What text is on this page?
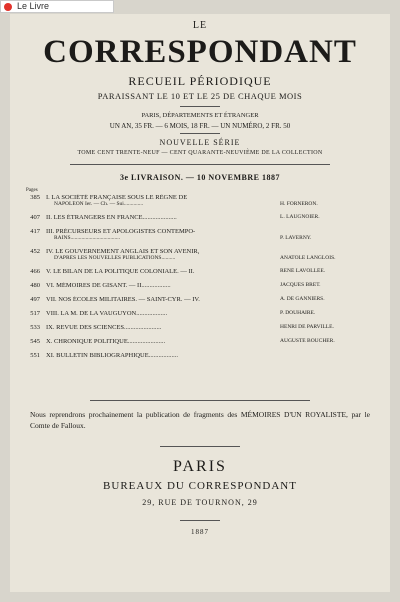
Le Livre
LE
CORRESPONDANT
RECUEIL PÉRIODIQUE
PARAISSANT LE 10 ET LE 25 DE CHAQUE MOIS
PARIS, DÉPARTEMENTS ET ÉTRANGER
UN AN, 35 FR. — 6 MOIS, 18 FR. — UN NUMÉRO, 2 FR. 50
NOUVELLE SÉRIE
TOME CENT TRENTE-NEUF — CENT QUARANTE-NEUVIÈME DE LA COLLECTION
3e LIVRAISON. — 10 NOVEMBRE 1887
Pages
385 I. LA SOCIÉTÉ FRANÇAISE SOUS LE RÈGNE DE
NAPOLÉON Ier. — Ch. — Sui..............	H. FORNERON.
407 II. LES ÉTRANGERS EN FRANCE.....................	L. LAUGNOIER.
417 III. PRÉCURSEURS ET APOLOGISTES CONTEMPO-
RAINS....................................	P. LAVERNY.
452 IV. LE GOUVERNEMENT ANGLAIS ET SON AVENIR,
D'APRÈS LES NOUVELLES PUBLICATIONS..........	ANATOLE LANGLOIS.
466 V. LE BILAN DE LA POLITIQUE COLONIALE. — II.	RENÉ LAVOLLÉE.
480 VI. MÉMOIRES DE GISANT. — II..................	JACQUES BRET.
497 VII. NOS ÉCOLES MILITAIRES. — SAINT-CYR. — IV.	A. DE GANNIERS.
517 VIII. LA M. DE LA VAUGUYON...................	P. DOUHAIRE.
533 IX. REVUE DES SCIENCES.......................	HENRI DE PARVILLE.
545 X. CHRONIQUE POLITIQUE.......................	AUGUSTE BOUCHER.
551 XI. BULLETIN BIBLIOGRAPHIQUE..................
Nous reprendrons prochainement la publication de fragments des MÉMOIRES D'UN ROYALISTE, par le Comte de Falloux.
PARIS
BUREAUX DU CORRESPONDANT
29, RUE DE TOURNON, 29
1887
